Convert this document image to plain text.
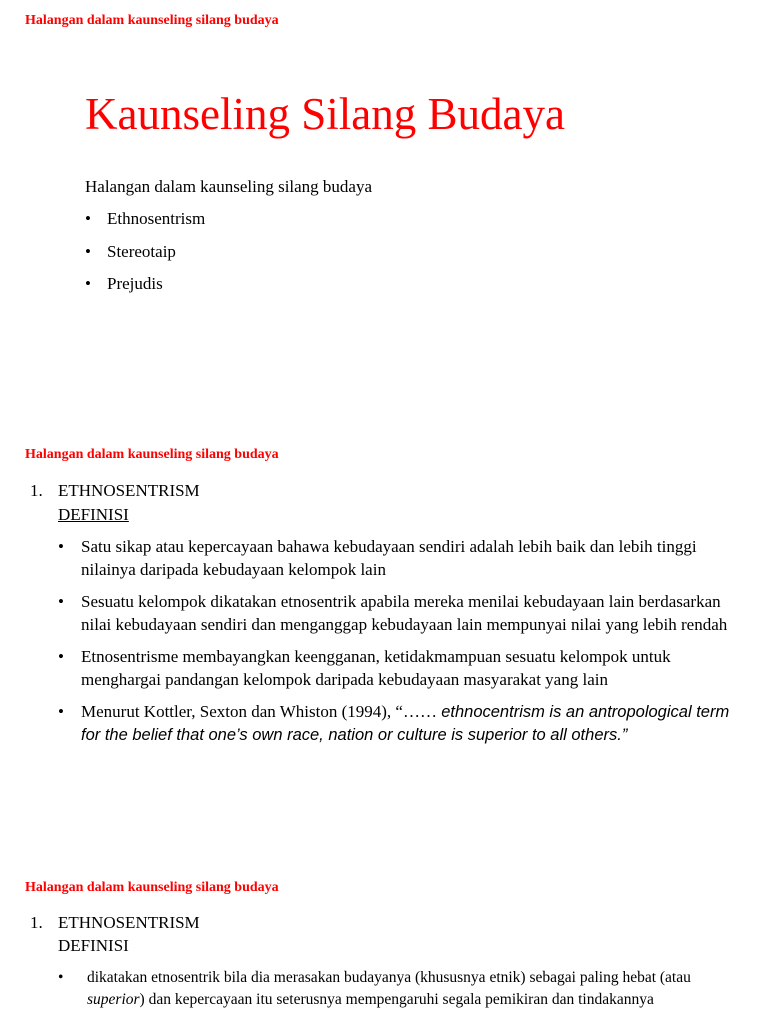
Halangan dalam kaunseling silang budaya
Kaunseling Silang Budaya
Halangan dalam kaunseling silang budaya
• Ethnosentrism
• Stereotaip
• Prejudis
Halangan dalam kaunseling silang budaya
1. ETHNOSENTRISM
DEFINISI
•	Satu sikap atau kepercayaan bahawa kebudayaan sendiri adalah lebih baik dan lebih tinggi nilainya daripada kebudayaan kelompok lain
•	Sesuatu kelompok dikatakan etnosentrik apabila mereka menilai kebudayaan lain berdasarkan nilai kebudayaan sendiri dan menganggap kebudayaan lain mempunyai nilai yang lebih rendah
•	Etnosentrisme membayangkan keengganan, ketidakmampuan sesuatu kelompok untuk menghargai pandangan kelompok daripada kebudayaan masyarakat yang lain
•	Menurut Kottler, Sexton dan Whiston (1994), “…… ethnocentrism is an antropological term for the belief that one’s own race, nation or culture is superior to all others.”
Halangan dalam kaunseling silang budaya
1. ETHNOSENTRISM
DEFINISI
•	dikatakan etnosentrik bila dia merasakan budayanya (khususnya etnik) sebagai paling hebat (atau superior) dan kepercayaan itu seterusnya mempengaruhi segala pemikiran dan tindakannya
